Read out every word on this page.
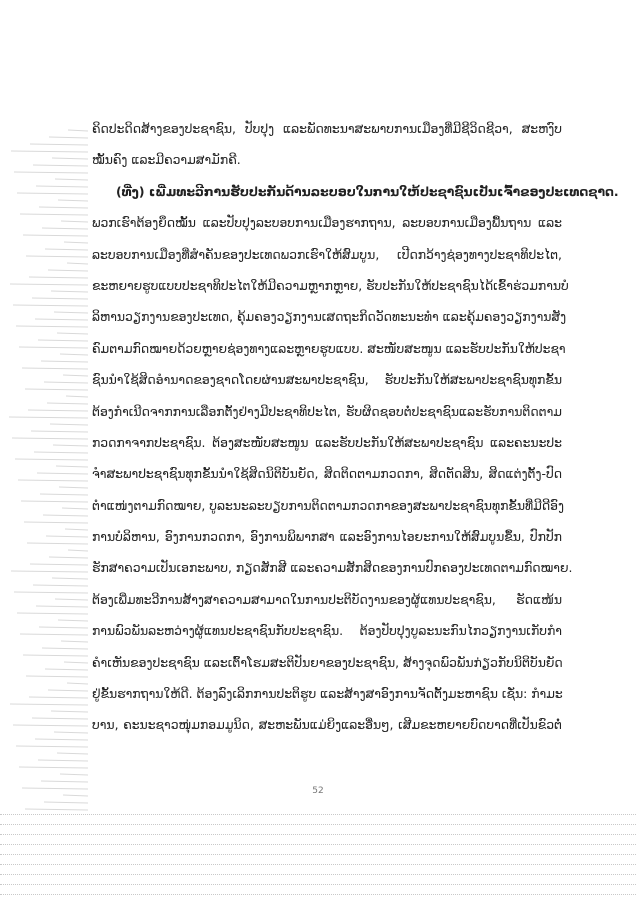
ຄິດປະດິດສ້າງຂອງປະຊາຊົນ, ປັບປຸງ ແລະພັດທະນາສະພາບການເມືອງທີ່ມີຊີວິດຊີວາ, ສະຫງົບ
ໝັ້ນຄົງ ແລະມີຄວາມສາມັກຄີ.
(ທີ່ງ) ເພີ່ມທະວີການຮັບປະກັນດ້ານລະບອບໃນການໃຫ້ປະຊາຊົນເປັນເຈົ້າຂອງປະເທດຊາດ.
ພວກເຮົາຕ້ອງຍຶດໝັ້ນ ແລະປັບປຸງລະບອບການເມືອງຮາກຖານ, ລະບອບການເມືອງພື້ນຖານ ແລະ
ລະບອບການເມືອງທີ່ສຳຄັນຂອງປະເທດພວກເຮົາໃຫ້ສົມບູນ, ເປີດກວ້າງຊ່ອງທາງປະຊາທິປະໄຕ,
ຂະຫຍາຍຮູບແບບປະຊາທິປະໄຕໃຫ້ມີຄວາມຫຼາກຫຼາຍ, ຮັບປະກັນໃຫ້ປະຊາຊົນໄດ້ເຂົ້າຮ່ວມການບໍ
ລິຫານວຽກງານຂອງປະເທດ, ຄຸ້ມຄອງວຽກງານເສດຖະກິດວັດທະນະທຳ ແລະຄຸ້ມຄອງວຽກງານສັງ
ຄົມຕາມກົດໝາຍດ້ວຍຫຼາຍຊ່ອງທາງແລະຫຼາຍຮູບແບບ. ສະໜັບສະໜູນ ແລະຮັບປະກັນໃຫ້ປະຊາ
ຊົນນຳໃຊ້ສິດອຳນາດຂອງຊາດໂດຍຜ່ານສະພາປະຊາຊົນ, ຮັບປະກັນໃຫ້ສະພາປະຊາຊົນທຸກຂັ້ນ
ຕ້ອງກຳເນີດຈາກການເລືອກຕັ້ງຢ່າງມີປະຊາທິປະໄຕ, ຮັບຜິດຊອບຕໍ່ປະຊາຊົນແລະຮັບການຕິດຕາມ
ກວດກາຈາກປະຊາຊົນ. ຕ້ອງສະໜັບສະໜູນ ແລະຮັບປະກັນໃຫ້ສະພາປະຊາຊົນ ແລະຄະນະປະ
ຈຳສະພາປະຊາຊົນທຸກຂັ້ນນຳໃຊ້ສິດນິຕິບັນຍັດ, ສິດຕິດຕາມກວດກາ, ສິດຕັດສິນ, ສິດແຕ່ງຕັ້ງ-ປົດ
ຕຳແໜ່ງຕາມກົດໝາຍ, ບູລະນະລະບຽບການຕິດຕາມກວດກາຂອງສະພາປະຊາຊົນທຸກຂັ້ນທີ່ມີດີອົງ
ການບໍລິຫານ, ອົງການກວດກາ, ອົງການພິພາກສາ ແລະອົງການໄອຍະການໃຫ້ສົມບູນຂຶ້ນ, ປົກປັກ
ຮັກສາຄວາມເປັນເອກະພາບ, ກຽດສັກສີ ແລະຄວາມສັກສິດຂອງການປົກຄອງປະເທດຕາມກົດໝາຍ.
ຕ້ອງເພີ່ມທະວີການສ້າງສາຄວາມສາມາດໃນການປະຕິບັດງານຂອງຜູ້ແທນປະຊາຊົນ, ຮັດແໜ້ນ
ການພົວພັນລະຫວ່າງຜູ້ແທນປະຊາຊົນກັບປະຊາຊົນ. ຕ້ອງປັບປຸງບູລະນະກົນໄກວຽກງານເກັບກຳ
ຄຳເຫັນຂອງປະຊາຊົນ ແລະເຕົ້າໂຮມສະຕິປັນຍາຂອງປະຊາຊົນ, ສ້າງຈຸດພົວພັນກ່ຽວກັບນິຕິບັນຍັດ
ຢູ່ຂັ້ນຮາກຖານໃຫ້ດີ. ຕ້ອງລົງເລິກການປະຕິຮູບ ແລະສ້າງສາອົງການຈັດຕັ້ງມະຫາຊົນ ເຊັ່ນ: ກຳມະ
ບານ, ຄະນະຊາວໜຸ່ມກອມມູນິດ, ສະຫະພັນແມ່ຍິງແລະອື່ນໆ, ເສີມຂະຫຍາຍບົດບາດທີ່ເປັນຂົວຕໍ່
52
